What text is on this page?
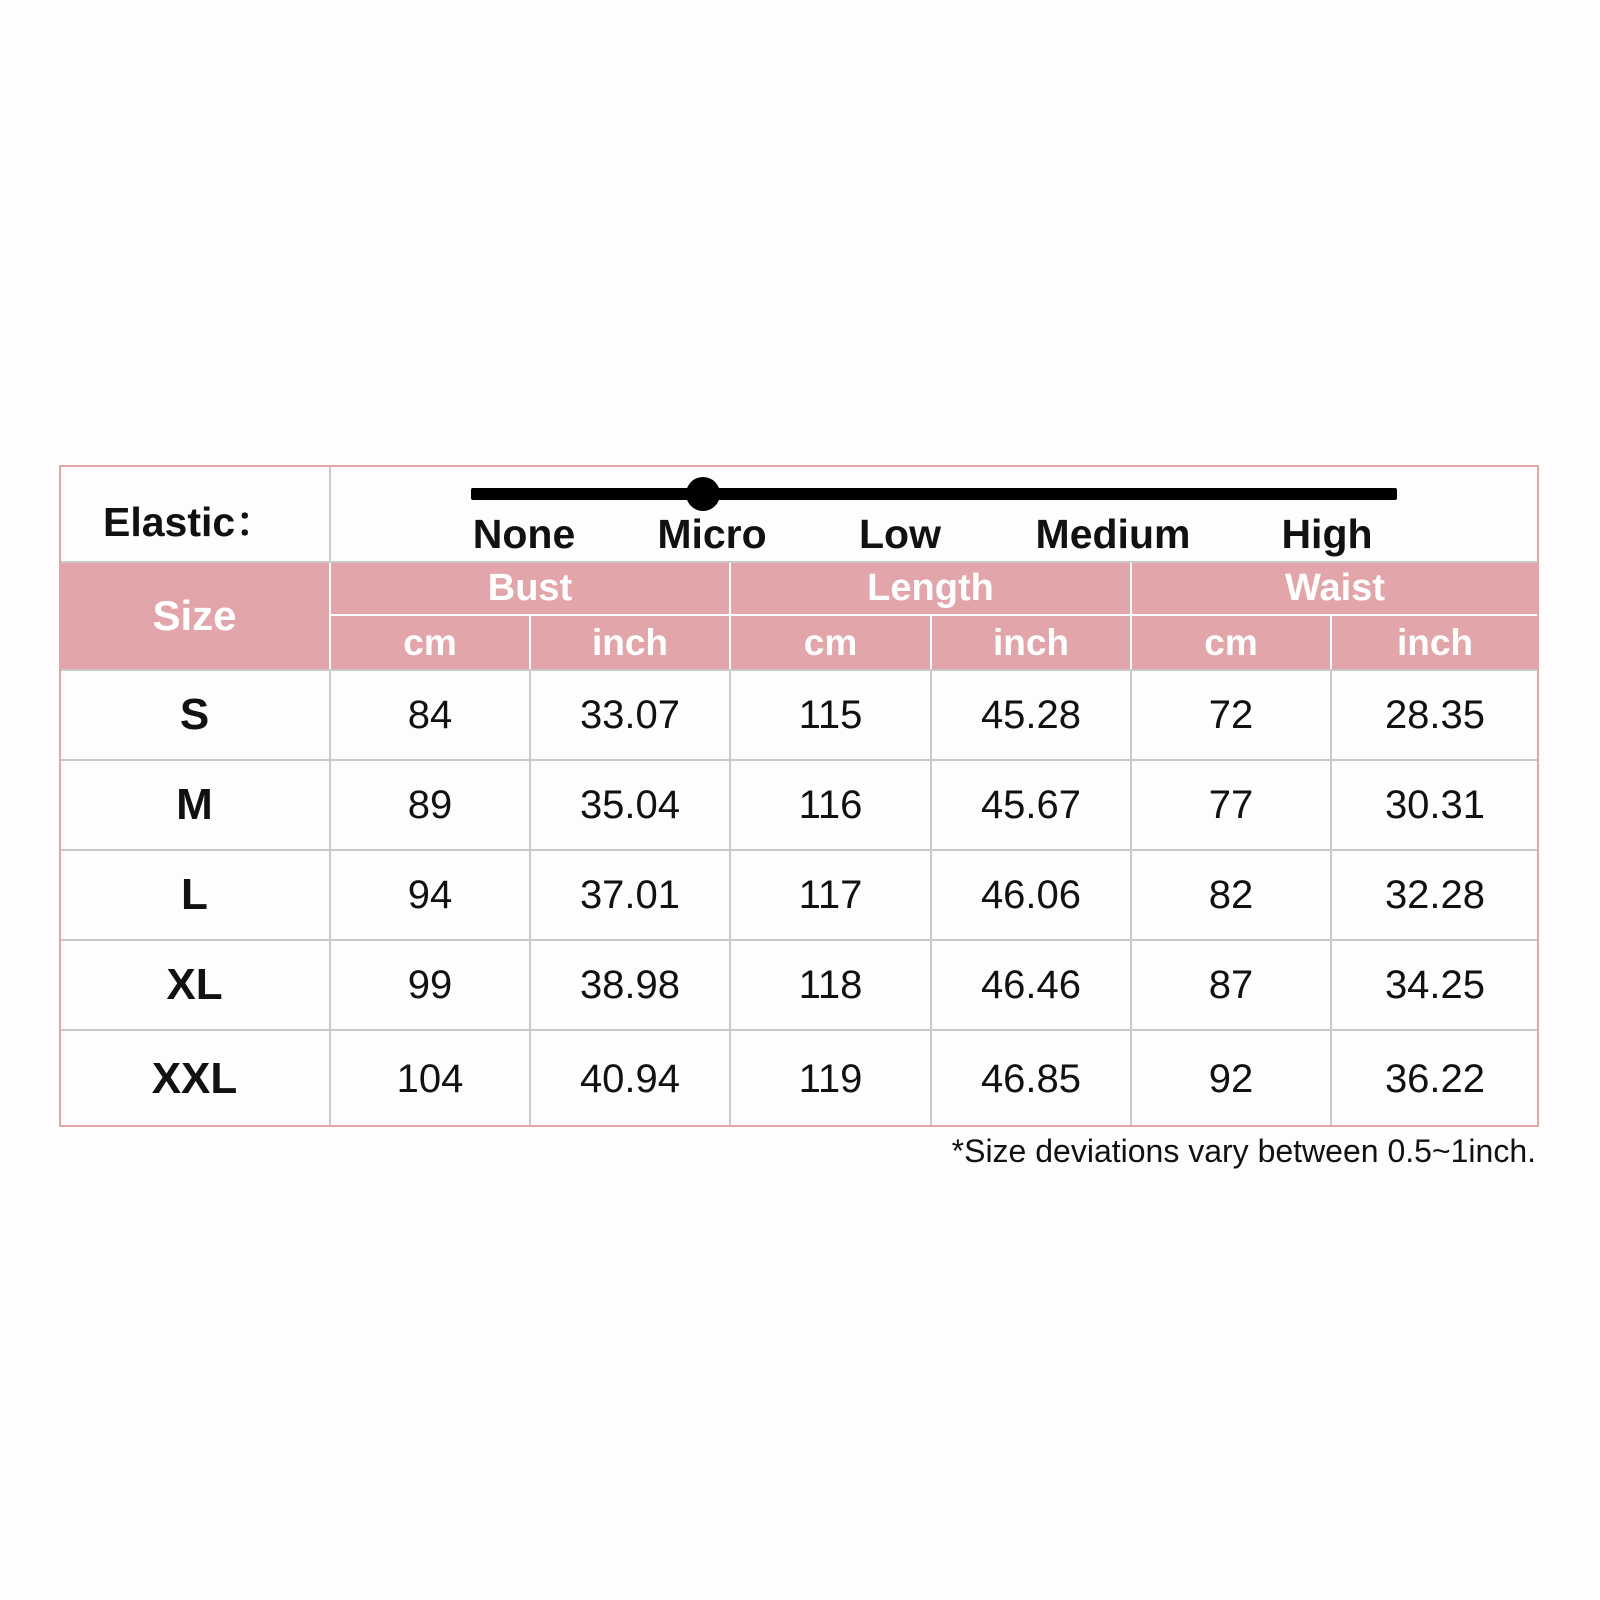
Elastic：	None Micro Low Medium High
Size
Bust	Length	Waist
cm	inch	cm	inch	cm	inch
S	84	33.07	115	45.28	72	28.35
M	89	35.04	116	45.67	77	30.31
L	94	37.01	117	46.06	82	32.28
XL	99	38.98	118	46.46	87	34.25
XXL	104	40.94	119	46.85	92	36.22
*Size deviations vary between 0.5~1inch.
